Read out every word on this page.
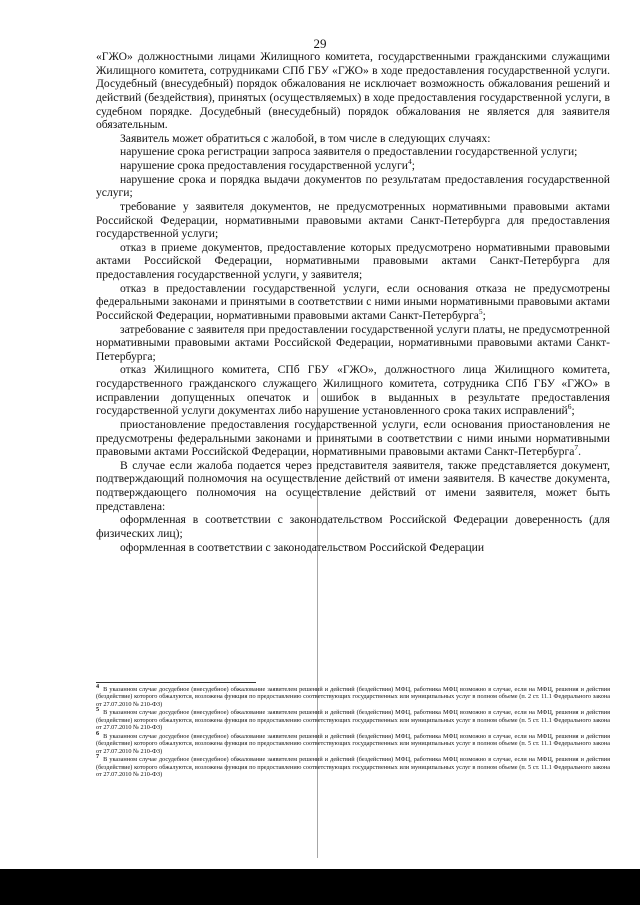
29

«ГЖО» должностными лицами Жилищного комитета, государственными гражданскими служащими Жилищного комитета, сотрудниками СПб ГБУ «ГЖО» в ходе предоставления государственной услуги. Досудебный (внесудебный) порядок обжалования не исключает возможность обжалования решений и действий (бездействия), принятых (осуществляемых) в ходе предоставления государственной услуги, в судебном порядке. Досудебный (внесудебный) порядок обжалования не является для заявителя обязательным.

Заявитель может обратиться с жалобой, в том числе в следующих случаях:

нарушение срока регистрации запроса заявителя о предоставлении государственной услуги;

нарушение срока предоставления государственной услуги$^4$;

нарушение срока и порядка выдачи документов по результатам предоставления государственной услуги;

требование у заявителя документов, не предусмотренных нормативными правовыми актами Российской Федерации, нормативными правовыми актами Санкт-Петербурга для предоставления государственной услуги;

отказ в приеме документов, предоставление которых предусмотрено нормативными правовыми актами Российской Федерации, нормативными правовыми актами Санкт-Петербурга для предоставления государственной услуги, у заявителя;

отказ в предоставлении государственной услуги, если основания отказа не предусмотрены федеральными законами и принятыми в соответствии с ними иными нормативными правовыми актами Российской Федерации, нормативными правовыми актами Санкт-Петербурга$^5$;

затребование с заявителя при предоставлении государственной услуги платы, не предусмотренной нормативными правовыми актами Российской Федерации, нормативными правовыми актами Санкт-Петербурга;

отказ Жилищного комитета, СПб ГБУ «ГЖО», должностного лица Жилищного комитета, государственного гражданского служащего Жилищного комитета, сотрудника СПб ГБУ «ГЖО» в исправлении допущенных опечаток и ошибок в выданных в результате предоставления государственной услуги документах либо нарушение установленного срока таких исправлений$^6$;

приостановление предоставления государственной услуги, если основания приостановления не предусмотрены федеральными законами и принятыми в соответствии с ними иными нормативными правовыми актами Российской Федерации, нормативными правовыми актами Санкт-Петербурга$^7$.

В случае если жалоба подается через представителя заявителя, также представляется документ, подтверждающий полномочия на осуществление действий от имени заявителя. В качестве документа, подтверждающего полномочия на осуществление действий от имени заявителя, может быть представлена:

оформленная в соответствии с законодательством Российской Федерации доверенность (для физических лиц);

оформленная в соответствии с законодательством Российской Федерации

$^4$ В указанном случае досудебное (внесудебное) обжалование заявителем решений и действий (бездействия) МФЦ, работника МФЦ возможно в случае, если на МФЦ, решения и действия (бездействие) которого обжалуются, возложена функция по предоставлению соответствующих государственных или муниципальных услуг в полном объеме (п. 2 ст. 11.1 Федерального закона от 27.07.2010 № 210-ФЗ)

$^5$ В указанном случае досудебное (внесудебное) обжалование заявителем решений и действий (бездействия) МФЦ, работника МФЦ возможно в случае, если на МФЦ, решения и действия (бездействие) которого обжалуются, возложена функция по предоставлению соответствующих государственных или муниципальных услуг в полном объеме (п. 5 ст. 11.1 Федерального закона от 27.07.2010 № 210-ФЗ)

$^6$ В указанном случае досудебное (внесудебное) обжалование заявителем решений и действий (бездействия) МФЦ, работника МФЦ возможно в случае, если на МФЦ, решения и действия (бездействие) которого обжалуются, возложена функция по предоставлению соответствующих государственных или муниципальных услуг в полном объеме (п. 5 ст. 11.1 Федерального закона от 27.07.2010 № 210-ФЗ)

$^7$ В указанном случае досудебное (внесудебное) обжалование заявителем решений и действий (бездействия) МФЦ, работника МФЦ возможно в случае, если на МФЦ, решения и действия (бездействие) которого обжалуются, возложена функция по предоставлению соответствующих государственных или муниципальных услуг в полном объеме (п. 5 ст. 11.1 Федерального закона от 27.07.2010 № 210-ФЗ)
